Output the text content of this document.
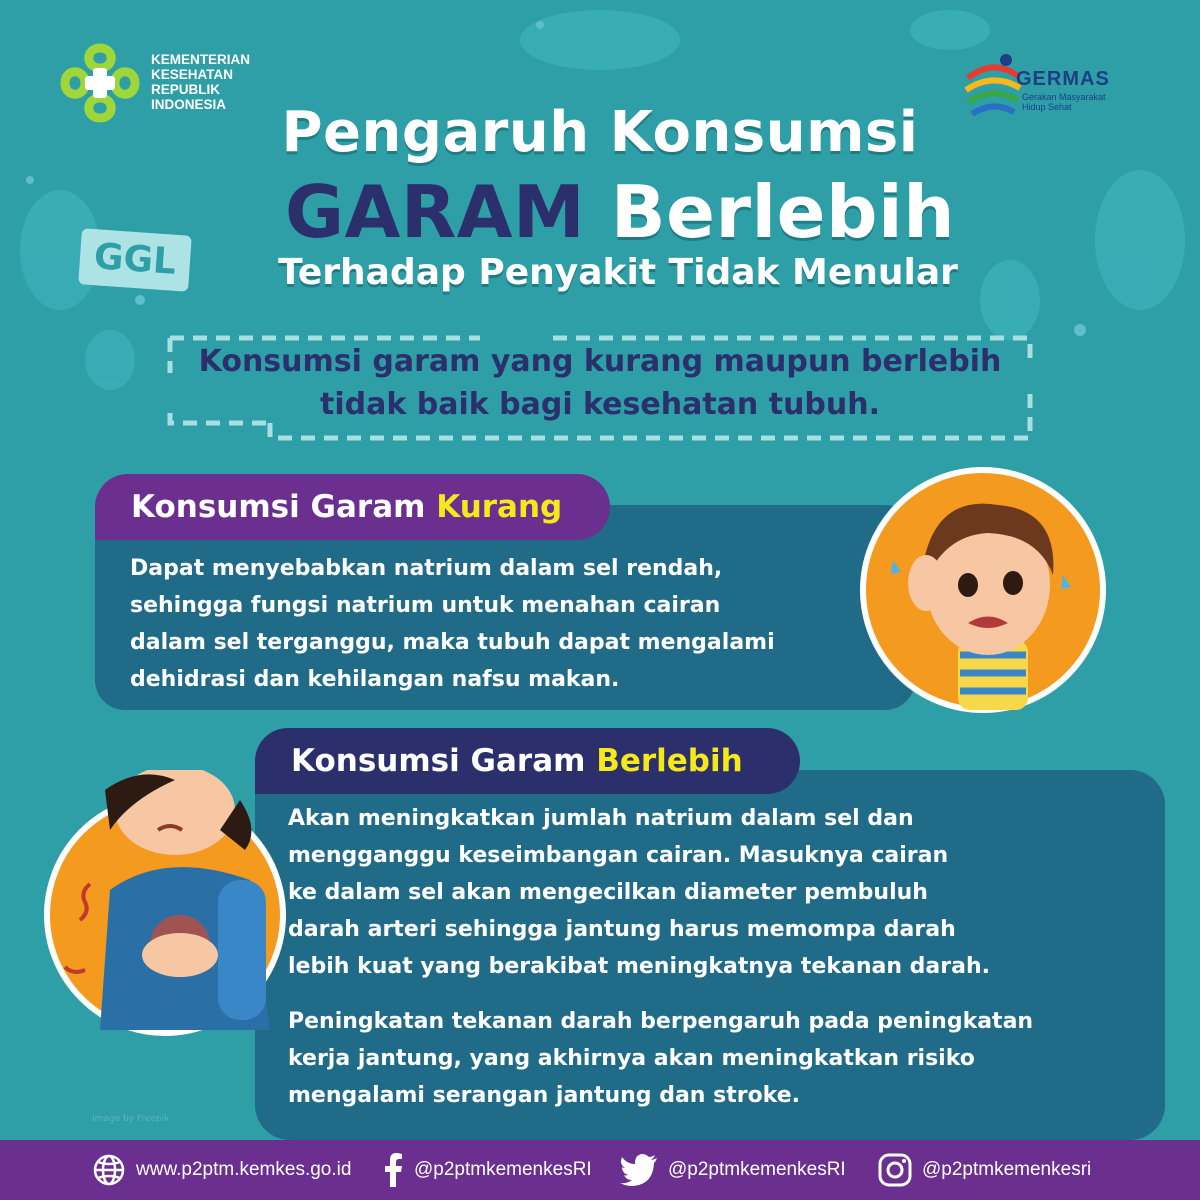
KEMENTERIAN
KESEHATAN
REPUBLIK
INDONESIA
GERMAS
Gerakan Masyarakat Hidup Sehat
Pengaruh Konsumsi
GARAM Berlebih
GGL	Terhadap Penyakit Tidak Menular
Konsumsi garam yang kurang maupun berlebih
tidak baik bagi kesehatan tubuh.
Konsumsi Garam Kurang
Dapat menyebabkan natrium dalam sel rendah,
sehingga fungsi natrium untuk menahan cairan
dalam sel terganggu, maka tubuh dapat mengalami
dehidrasi dan kehilangan nafsu makan.
Konsumsi Garam Berlebih

Akan meningkatkan jumlah natrium dalam sel dan
mengganggu keseimbangan cairan. Masuknya cairan
ke dalam sel akan mengecilkan diameter pembuluh
darah arteri sehingga jantung harus memompa darah
lebih kuat yang berakibat meningkatnya tekanan darah.

Peningkatan tekanan darah berpengaruh pada peningkatan
kerja jantung, yang akhirnya akan meningkatkan risiko
mengalami serangan jantung dan stroke.

Image by Freepik
www.p2ptm.kemkes.go.id	@p2ptmkemenkesRI	@p2ptmkemenkesRI	@p2ptmkemenkesri
